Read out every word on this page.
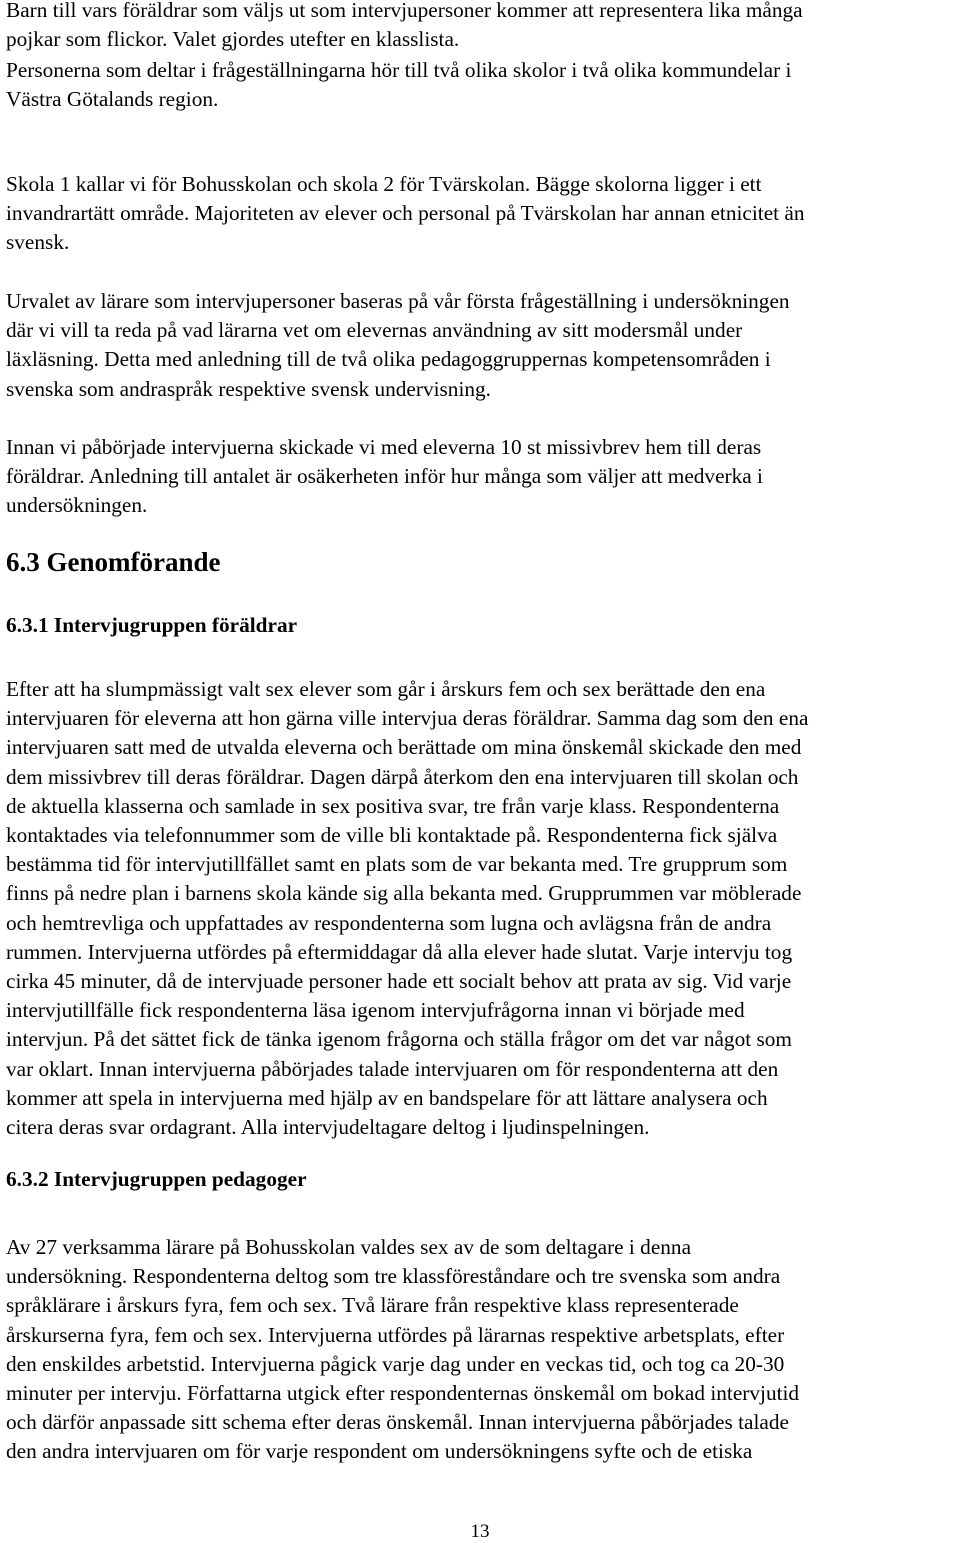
Barn till vars föräldrar som väljs ut som intervjupersoner kommer att representera lika många
pojkar som flickor. Valet gjordes utefter en klasslista.
Personerna som deltar i frågeställningarna hör till två olika skolor i två olika kommundelar i
Västra Götalands region.
Skola 1 kallar vi för Bohusskolan och skola 2 för Tvärskolan. Bägge skolorna ligger i ett
invandrartätt område. Majoriteten av elever och personal på Tvärskolan har annan etnicitet än
svensk.
Urvalet av lärare som intervjupersoner baseras på vår första frågeställning i undersökningen
där vi vill ta reda på vad lärarna vet om elevernas användning av sitt modersmål under
läxläsning. Detta med anledning till de två olika pedagoggruppernas kompetensområden i
svenska som andraspråk respektive svensk undervisning.
Innan vi påbörjade intervjuerna skickade vi med eleverna 10 st missivbrev hem till deras
föräldrar. Anledning till antalet är osäkerheten inför hur många som väljer att medverka i
undersökningen.
6.3 Genomförande
6.3.1 Intervjugruppen föräldrar
Efter att ha slumpmässigt valt sex elever som går i årskurs fem och sex berättade den ena
intervjuaren för eleverna att hon gärna ville intervjua deras föräldrar. Samma dag som den ena
intervjuaren satt med de utvalda eleverna och berättade om mina önskemål skickade den med
dem missivbrev till deras föräldrar. Dagen därpå återkom den ena intervjuaren till skolan och
de aktuella klasserna och samlade in sex positiva svar, tre från varje klass. Respondenterna
kontaktades via telefonnummer som de ville bli kontaktade på. Respondenterna fick själva
bestämma tid för intervjutillfället samt en plats som de var bekanta med. Tre grupprum som
finns på nedre plan i barnens skola kände sig alla bekanta med. Grupprummen var möblerade
och hemtrevliga och uppfattades av respondenterna som lugna och avlägsna från de andra
rummen. Intervjuerna utfördes på eftermiddagar då alla elever hade slutat. Varje intervju tog
cirka 45 minuter, då de intervjuade personer hade ett socialt behov att prata av sig. Vid varje
intervjutillfälle fick respondenterna läsa igenom intervjufrågorna innan vi började med
intervjun. På det sättet fick de tänka igenom frågorna och ställa frågor om det var något som
var oklart. Innan intervjuerna påbörjades talade intervjuaren om för respondenterna att den
kommer att spela in intervjuerna med hjälp av en bandspelare för att lättare analysera och
citera deras svar ordagrant. Alla intervjudeltagare deltog i ljudinspelningen.
6.3.2 Intervjugruppen pedagoger
Av 27 verksamma lärare på Bohusskolan valdes sex av de som deltagare i denna
undersökning. Respondenterna deltog som tre klassföreståndare och tre svenska som andra
språklärare i årskurs fyra, fem och sex. Två lärare från respektive klass representerade
årskurserna fyra, fem och sex. Intervjuerna utfördes på lärarnas respektive arbetsplats, efter
den enskildes arbetstid. Intervjuerna pågick varje dag under en veckas tid, och tog ca 20-30
minuter per intervju. Författarna utgick efter respondenternas önskemål om bokad intervjutid
och därför anpassade sitt schema efter deras önskemål. Innan intervjuerna påbörjades talade
den andra intervjuaren om för varje respondent om undersökningens syfte och de etiska
13
